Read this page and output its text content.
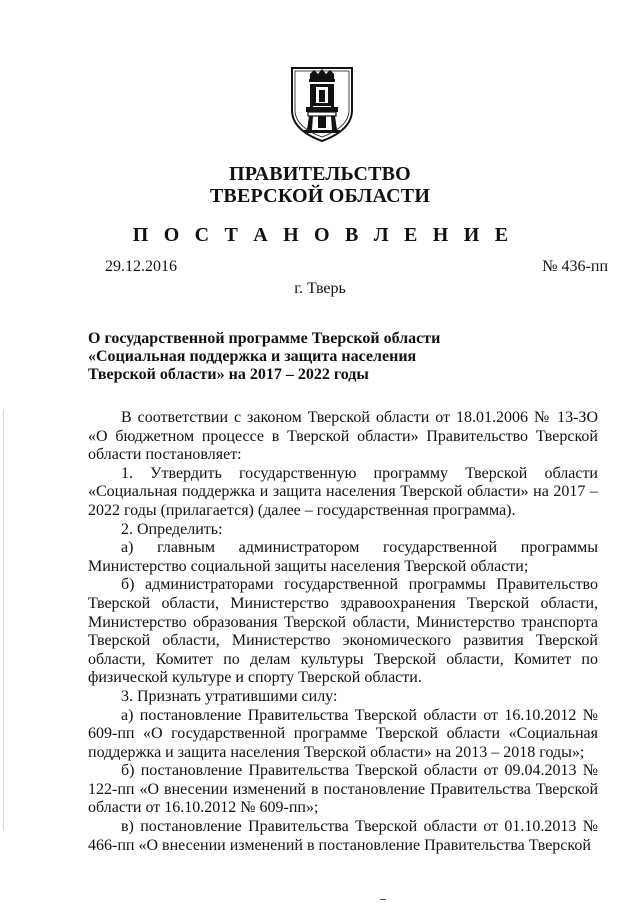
ПРАВИТЕЛЬСТВО
ТВЕРСКОЙ ОБЛАСТИ
П О С Т А Н О В Л Е Н И Е
29.12.2016	№ 436-пп
г. Тверь
О государственной программе Тверской области
«Социальная поддержка и защита населения
Тверской области» на 2017 – 2022 годы

В соответствии с законом Тверской области от 18.01.2006 № 13-ЗО «О бюджетном процессе в Тверской области» Правительство Тверской области постановляет:

1. Утвердить государственную программу Тверской области «Социальная поддержка и защита населения Тверской области» на 2017 – 2022 годы (прилагается) (далее – государственная программа).

2. Определить:

а) главным администратором государственной программы Министерство социальной защиты населения Тверской области;

б) администраторами государственной программы Правительство Тверской области, Министерство здравоохранения Тверской области, Министерство образования Тверской области, Министерство транспорта Тверской области, Министерство экономического развития Тверской области, Комитет по делам культуры Тверской области, Комитет по физической культуре и спорту Тверской области.

3. Признать утратившими силу:

а) постановление Правительства Тверской области от 16.10.2012 № 609-пп «О государственной программе Тверской области «Социальная поддержка и защита населения Тверской области» на 2013 – 2018 годы»;

б) постановление Правительства Тверской области от 09.04.2013 № 122-пп «О внесении изменений в постановление Правительства Тверской области от 16.10.2012 № 609-пп»;

в) постановление Правительства Тверской области от 01.10.2013 № 466-пп «О внесении изменений в постановление Правительства Тверской
